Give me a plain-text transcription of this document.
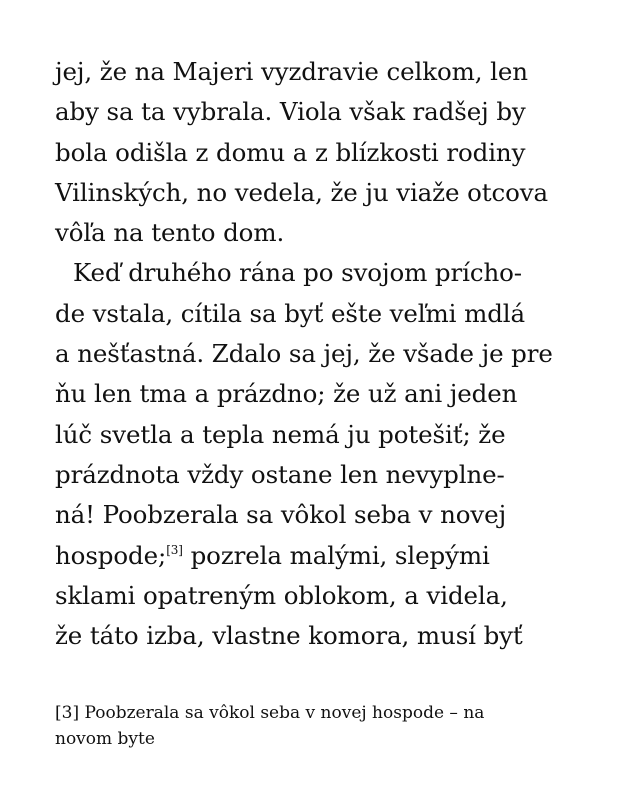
jej, že na Majeri vyzdravie celkom, len
aby sa ta vybrala. Viola však radšej by
bola odišla z domu a z blízkosti rodiny
Vilinských, no vedela, že ju viaže otcova
vôľa na tento dom.
Keď druhého rána po svojom prícho-
de vstala, cítila sa byť ešte veľmi mdlá
a nešťastná. Zdalo sa jej, že všade je pre
ňu len tma a prázdno; že už ani jeden
lúč svetla a tepla nemá ju potešiť; že
prázdnota vždy ostane len nevyplne-
ná! Poobzerala sa vôkol seba v novej
hospode;[3] pozrela malými, slepými
sklami opatreným oblokom, a videla,
že táto izba, vlastne komora, musí byť
[3] Poobzerala sa vôkol seba v novej hospode – na
novom byte
